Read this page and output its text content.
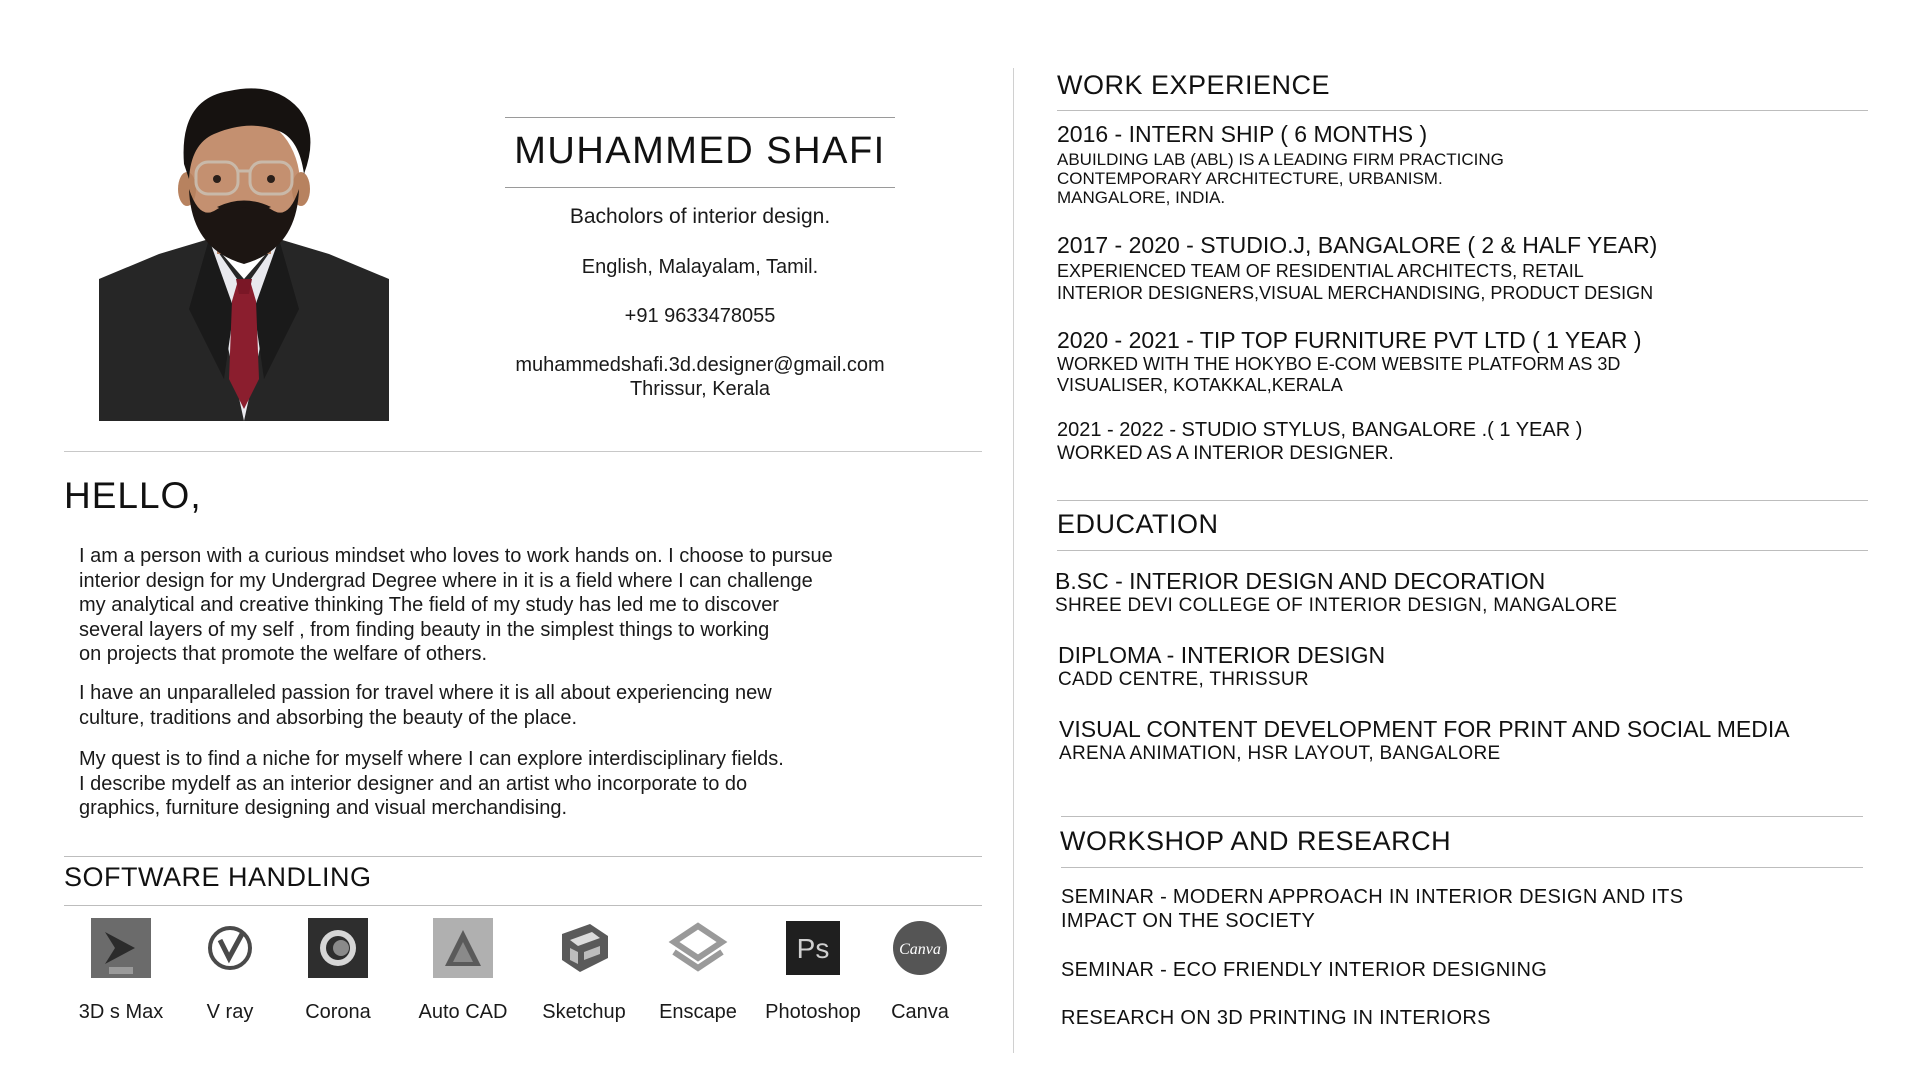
MUHAMMED SHAFI
Bacholors of interior design.
English, Malayalam, Tamil.
+91 9633478055
muhammedshafi.3d.designer@gmail.com
Thrissur, Kerala
HELLO,
I am a person with a curious mindset who loves to work hands on. I choose to pursue
interior design for my Undergrad Degree where in it is a field where I can challenge
my analytical and creative thinking The field of my study has led me to discover
several layers of my self , from finding beauty in the simplest things to working
on projects that promote the welfare of others.
I have an unparalleled passion for travel where it is all about experiencing new
culture, traditions and absorbing the beauty of the place.
My quest is to find a niche for myself where I can explore interdisciplinary fields.
I describe mydelf as an interior designer and an artist who incorporate to do
graphics, furniture designing and visual merchandising.
SOFTWARE HANDLING
3D s Max	V ray	Corona	Auto CAD	Sketchup	Enscape
Ps
Photoshop
Canva
Canva
WORK EXPERIENCE
2016 - INTERN SHIP ( 6 MONTHS )
ABUILDING LAB (ABL) IS A LEADING FIRM PRACTICING
CONTEMPORARY ARCHITECTURE, URBANISM.
MANGALORE, INDIA.
2017 - 2020 - STUDIO.J, BANGALORE ( 2 & HALF YEAR)
EXPERIENCED TEAM OF RESIDENTIAL ARCHITECTS, RETAIL
INTERIOR DESIGNERS,VISUAL MERCHANDISING, PRODUCT DESIGN
2020 - 2021 - TIP TOP FURNITURE PVT LTD ( 1 YEAR )
WORKED WITH THE HOKYBO E-COM WEBSITE PLATFORM AS 3D
VISUALISER, KOTAKKAL,KERALA
2021 - 2022 - STUDIO STYLUS, BANGALORE .( 1 YEAR )
WORKED AS A INTERIOR DESIGNER.
EDUCATION
B.SC - INTERIOR DESIGN AND DECORATION
SHREE DEVI COLLEGE OF INTERIOR DESIGN, MANGALORE
DIPLOMA - INTERIOR DESIGN
CADD CENTRE, THRISSUR
VISUAL CONTENT DEVELOPMENT FOR PRINT AND SOCIAL MEDIA
ARENA ANIMATION, HSR LAYOUT, BANGALORE
WORKSHOP AND RESEARCH
SEMINAR - MODERN APPROACH IN INTERIOR DESIGN AND ITS
IMPACT ON THE SOCIETY
SEMINAR - ECO FRIENDLY INTERIOR DESIGNING
RESEARCH ON 3D PRINTING IN INTERIORS
